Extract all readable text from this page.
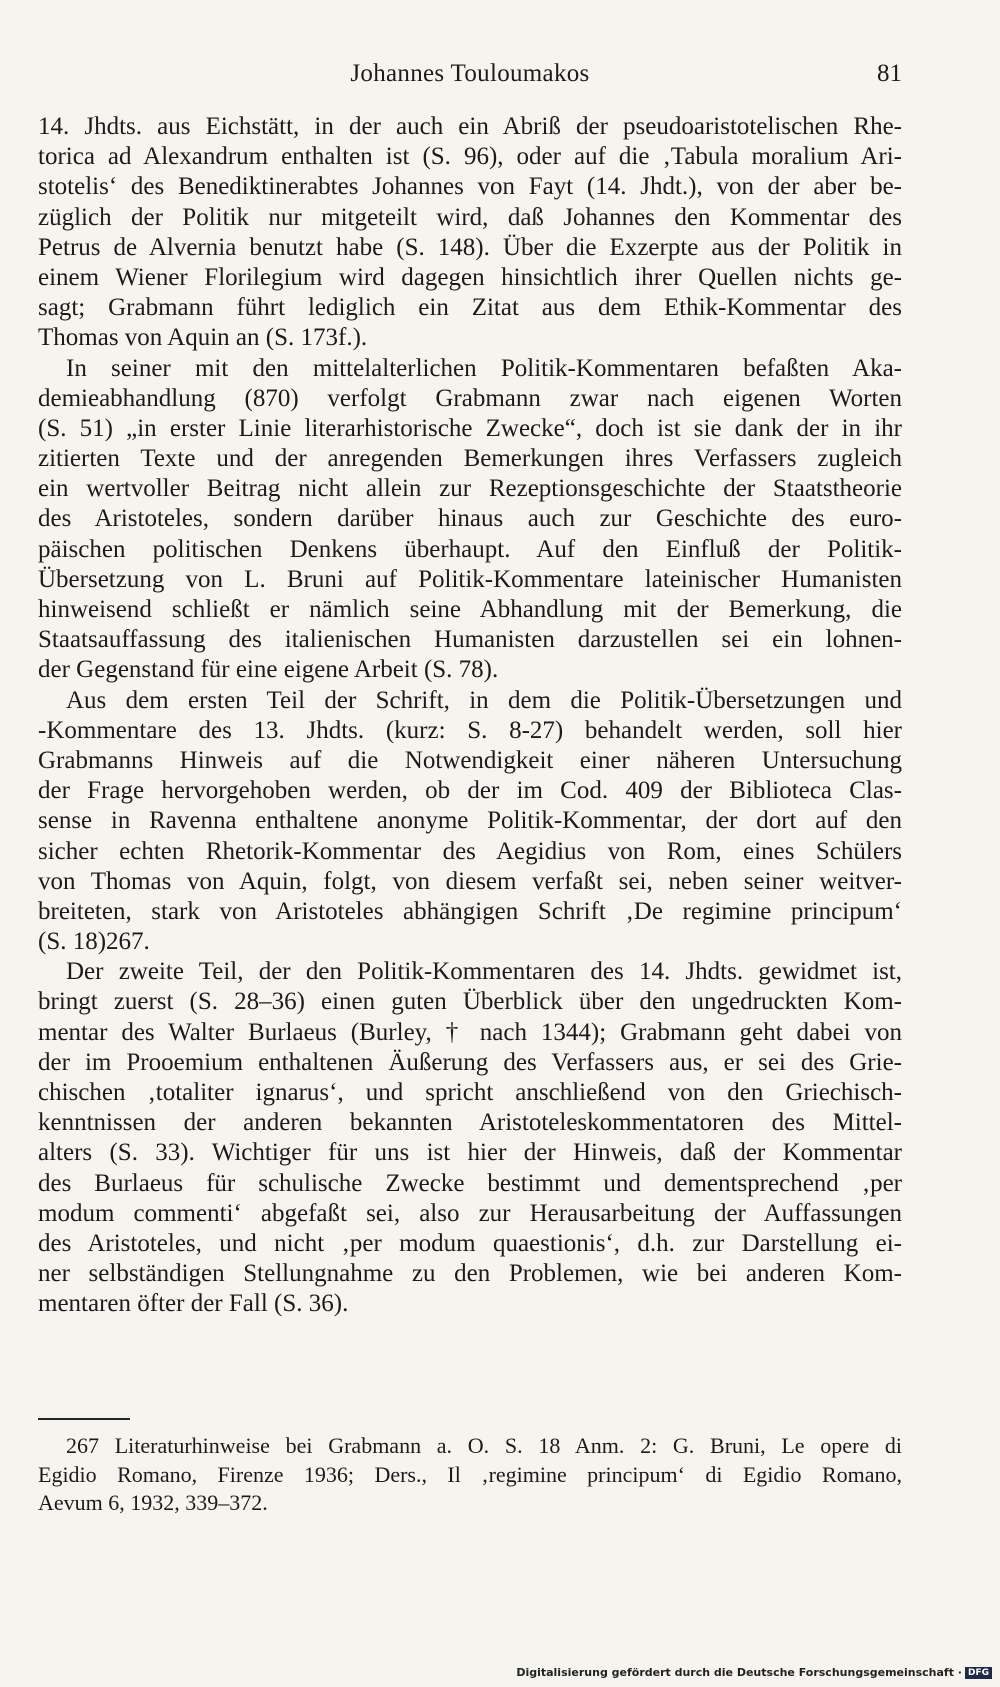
Johannes Touloumakos	81
14. Jhdts. aus Eichstätt, in der auch ein Abriß der pseudoaristotelischen Rhe-
torica ad Alexandrum enthalten ist (S. 96), oder auf die ‚Tabula moralium Ari-
stotelis‘ des Benediktinerabtes Johannes von Fayt (14. Jhdt.), von der aber be-
züglich der Politik nur mitgeteilt wird, daß Johannes den Kommentar des
Petrus de Alvernia benutzt habe (S. 148). Über die Exzerpte aus der Politik in
einem Wiener Florilegium wird dagegen hinsichtlich ihrer Quellen nichts ge-
sagt; Grabmann führt lediglich ein Zitat aus dem Ethik-Kommentar des
Thomas von Aquin an (S. 173f.).
In seiner mit den mittelalterlichen Politik-Kommentaren befaßten Aka-
demieabhandlung (870) verfolgt Grabmann zwar nach eigenen Worten
(S. 51) „in erster Linie literarhistorische Zwecke“, doch ist sie dank der in ihr
zitierten Texte und der anregenden Bemerkungen ihres Verfassers zugleich
ein wertvoller Beitrag nicht allein zur Rezeptionsgeschichte der Staatstheorie
des Aristoteles, sondern darüber hinaus auch zur Geschichte des euro-
päischen politischen Denkens überhaupt. Auf den Einfluß der Politik-
Übersetzung von L. Bruni auf Politik-Kommentare lateinischer Humanisten
hinweisend schließt er nämlich seine Abhandlung mit der Bemerkung, die
Staatsauffassung des italienischen Humanisten darzustellen sei ein lohnen-
der Gegenstand für eine eigene Arbeit (S. 78).
Aus dem ersten Teil der Schrift, in dem die Politik-Übersetzungen und
-Kommentare des 13. Jhdts. (kurz: S. 8-27) behandelt werden, soll hier
Grabmanns Hinweis auf die Notwendigkeit einer näheren Untersuchung
der Frage hervorgehoben werden, ob der im Cod. 409 der Biblioteca Clas-
sense in Ravenna enthaltene anonyme Politik-Kommentar, der dort auf den
sicher echten Rhetorik-Kommentar des Aegidius von Rom, eines Schülers
von Thomas von Aquin, folgt, von diesem verfaßt sei, neben seiner weitver-
breiteten, stark von Aristoteles abhängigen Schrift ‚De regimine principum‘
(S. 18)267.
Der zweite Teil, der den Politik-Kommentaren des 14. Jhdts. gewidmet ist,
bringt zuerst (S. 28–36) einen guten Überblick über den ungedruckten Kom-
mentar des Walter Burlaeus (Burley, † nach 1344); Grabmann geht dabei von
der im Prooemium enthaltenen Äußerung des Verfassers aus, er sei des Grie-
chischen ‚totaliter ignarus‘, und spricht anschließend von den Griechisch-
kenntnissen der anderen bekannten Aristoteleskommentatoren des Mittel-
alters (S. 33). Wichtiger für uns ist hier der Hinweis, daß der Kommentar
des Burlaeus für schulische Zwecke bestimmt und dementsprechend ‚per
modum commenti‘ abgefaßt sei, also zur Herausarbeitung der Auffassungen
des Aristoteles, und nicht ‚per modum quaestionis‘, d.h. zur Darstellung ei-
ner selbständigen Stellungnahme zu den Problemen, wie bei anderen Kom-
mentaren öfter der Fall (S. 36).
267 Literaturhinweise bei Grabmann a. O. S. 18 Anm. 2: G. Bruni, Le opere di
Egidio Romano, Firenze 1936; Ders., Il ‚regimine principum‘ di Egidio Romano,
Aevum 6, 1932, 339–372.
Digitalisierung gefördert durch die Deutsche Forschungsgemeinschaft · DFG
